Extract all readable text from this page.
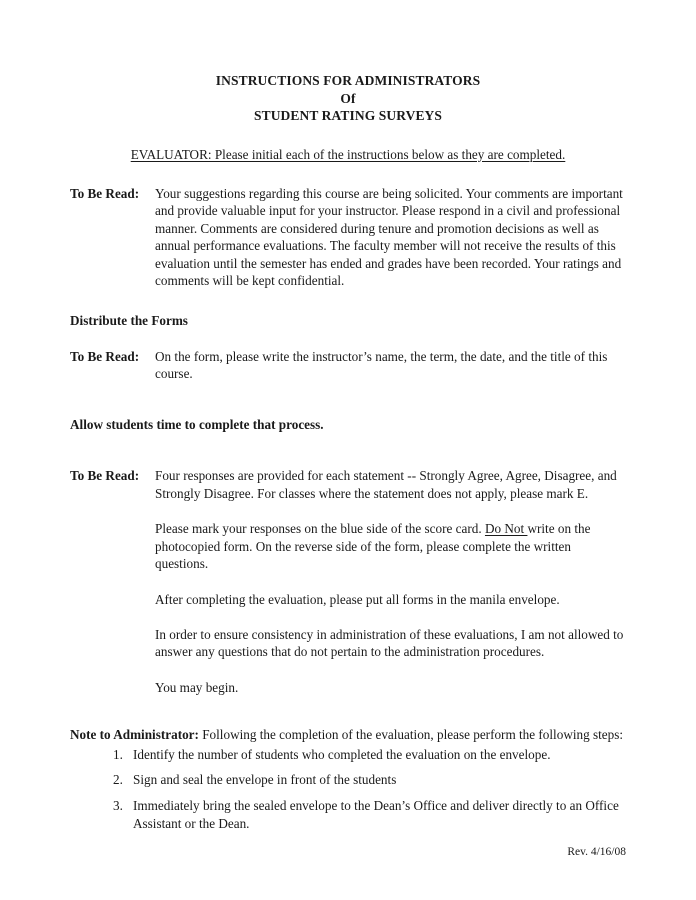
INSTRUCTIONS FOR ADMINISTRATORS
Of
STUDENT RATING SURVEYS
EVALUATOR: Please initial each of the instructions below as they are completed.
To Be Read: Your suggestions regarding this course are being solicited. Your comments are important and provide valuable input for your instructor. Please respond in a civil and professional manner. Comments are considered during tenure and promotion decisions as well as annual performance evaluations. The faculty member will not receive the results of this evaluation until the semester has ended and grades have been recorded. Your ratings and comments will be kept confidential.

Distribute the Forms
To Be Read: On the form, please write the instructor’s name, the term, the date, and the title of this course.

Allow students time to complete that process.
To Be Read: Four responses are provided for each statement -- Strongly Agree, Agree, Disagree, and Strongly Disagree. For classes where the statement does not apply, please mark E.

Please mark your responses on the blue side of the score card. Do Not write on the photocopied form. On the reverse side of the form, please complete the written questions.

After completing the evaluation, please put all forms in the manila envelope.

In order to ensure consistency in administration of these evaluations, I am not allowed to answer any questions that do not pertain to the administration procedures.

You may begin.

Note to Administrator: Following the completion of the evaluation, please perform the following steps:

1. Identify the number of students who completed the evaluation on the envelope.
2. Sign and seal the envelope in front of the students
3. Immediately bring the sealed envelope to the Dean’s Office and deliver directly to an Office Assistant or the Dean.
Rev. 4/16/08
